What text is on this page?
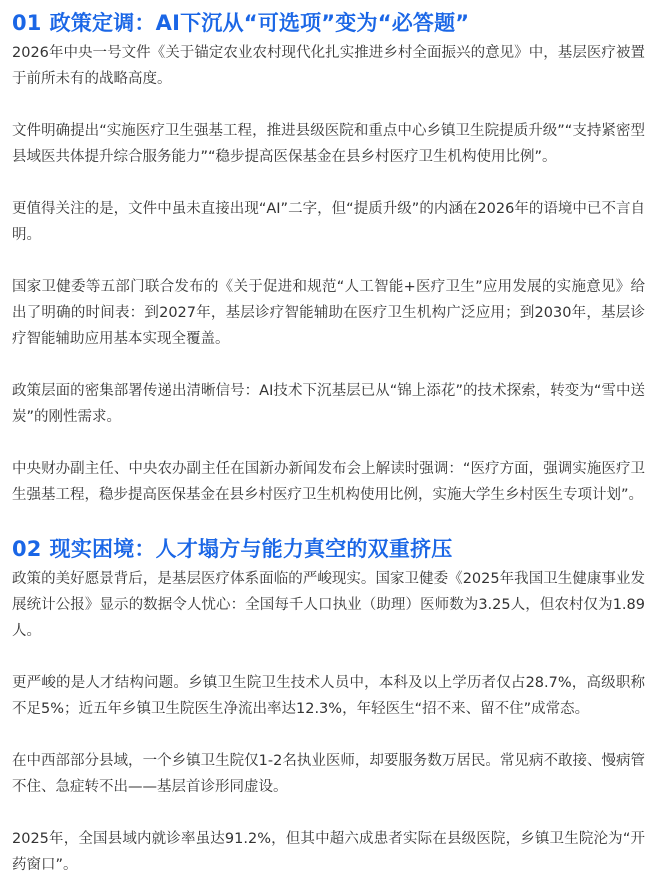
01 政策定调：AI下沉从“可选项”变为“必答题”

2026年中央一号文件《关于锚定农业农村现代化扎实推进乡村全面振兴的意见》中，基层医疗被置于前所未有的战略高度。

文件明确提出“实施医疗卫生强基工程，推进县级医院和重点中心乡镇卫生院提质升级”“支持紧密型县域医共体提升综合服务能力”“稳步提高医保基金在县乡村医疗卫生机构使用比例”。

更值得关注的是，文件中虽未直接出现“AI”二字，但“提质升级”的内涵在2026年的语境中已不言自明。

国家卫健委等五部门联合发布的《关于促进和规范“人工智能+医疗卫生”应用发展的实施意见》给出了明确的时间表：到2027年，基层诊疗智能辅助在医疗卫生机构广泛应用；到2030年，基层诊疗智能辅助应用基本实现全覆盖。

政策层面的密集部署传递出清晰信号：AI技术下沉基层已从“锦上添花”的技术探索，转变为“雪中送炭”的刚性需求。

中央财办副主任、中央农办副主任在国新办新闻发布会上解读时强调：“医疗方面，强调实施医疗卫生强基工程，稳步提高医保基金在县乡村医疗卫生机构使用比例，实施大学生乡村医生专项计划”。

02 现实困境：人才塌方与能力真空的双重挤压

政策的美好愿景背后，是基层医疗体系面临的严峻现实。国家卫健委《2025年我国卫生健康事业发展统计公报》显示的数据令人忧心：全国每千人口执业（助理）医师数为3.25人，但农村仅为1.89人。

更严峻的是人才结构问题。乡镇卫生院卫生技术人员中，本科及以上学历者仅占28.7%，高级职称不足5%；近五年乡镇卫生院医生净流出率达12.3%，年轻医生“招不来、留不住”成常态。

在中西部部分县域，一个乡镇卫生院仅1-2名执业医师，却要服务数万居民。常见病不敢接、慢病管不住、急症转不出——基层首诊形同虚设。

2025年，全国县域内就诊率虽达91.2%，但其中超六成患者实际在县级医院，乡镇卫生院沦为“开药窗口”。
